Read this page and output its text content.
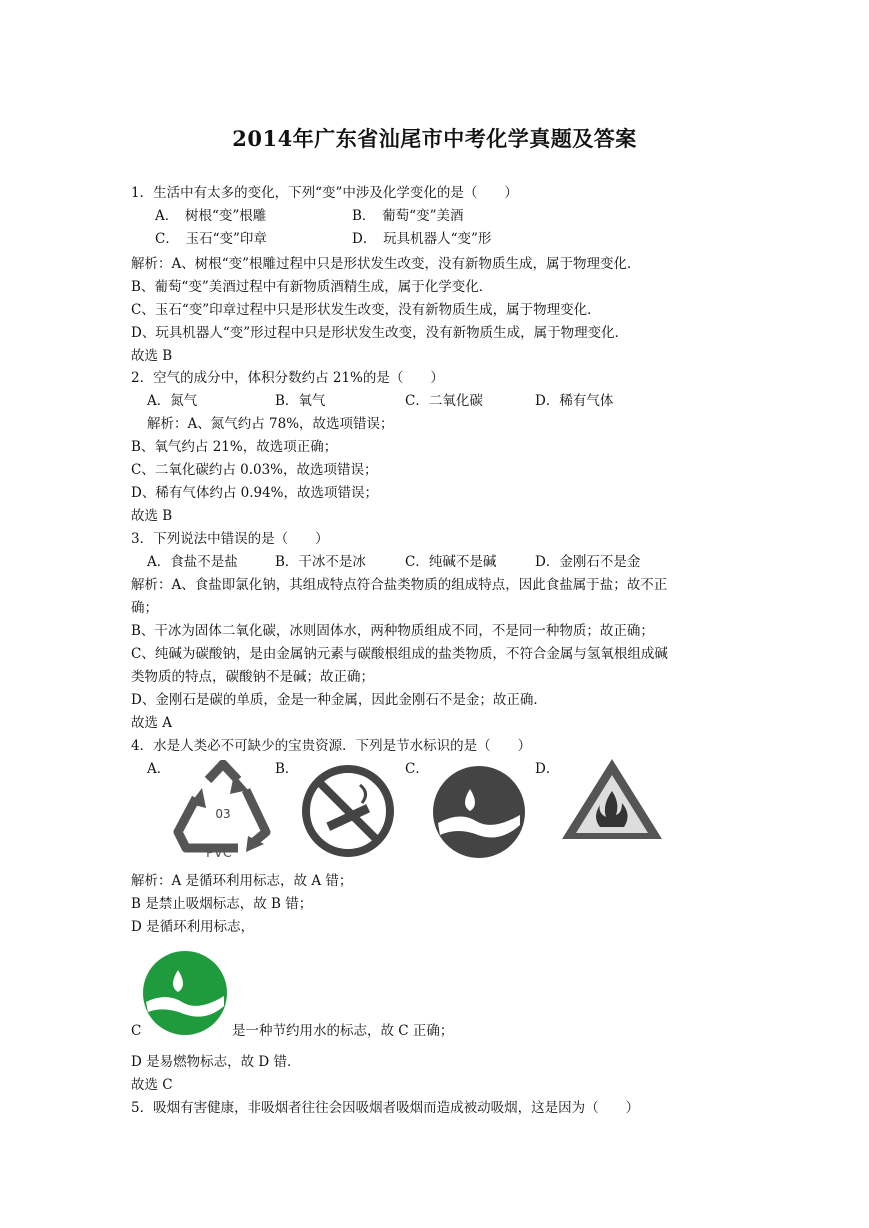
2014年广东省汕尾市中考化学真题及答案
1．生活中有太多的变化，下列“变”中涉及化学变化的是（　　）
A．　树根“变”根雕	B．　葡萄“变”美酒
C．　玉石“变”印章	D．　玩具机器人“变”形
解析：A、树根“变”根雕过程中只是形状发生改变，没有新物质生成，属于物理变化．
B、葡萄“变”美酒过程中有新物质酒精生成，属于化学变化．
C、玉石“变”印章过程中只是形状发生改变，没有新物质生成，属于物理变化．
D、玩具机器人“变”形过程中只是形状发生改变，没有新物质生成，属于物理变化．
故选 B
2．空气的成分中，体积分数约占 21%的是（　　）
A．氮气	B．氧气	C．二氧化碳	D．稀有气体
解析：A、氮气约占 78%，故选项错误；
B、氧气约占 21%，故选项正确；
C、二氧化碳约占 0.03%，故选项错误；
D、稀有气体约占 0.94%，故选项错误；
故选 B
3．下列说法中错误的是（　　）
A．食盐不是盐	B．干冰不是冰	C．纯碱不是碱	D．金刚石不是金
解析：A、食盐即氯化钠，其组成特点符合盐类物质的组成特点，因此食盐属于盐；故不正
确；
B、干冰为固体二氧化碳，冰则固体水，两种物质组成不同，不是同一种物质；故正确；
C、纯碱为碳酸钠，是由金属钠元素与碳酸根组成的盐类物质，不符合金属与氢氧根组成碱
类物质的特点，碳酸钠不是碱；故正确；
D、金刚石是碳的单质，金是一种金属，因此金刚石不是金；故正确．
故选 A
4．水是人类必不可缺少的宝贵资源．下列是节水标识的是（　　）
A．	B．	C．	D．
03
PVC
解析：A 是循环利用标志，故 A 错；
B 是禁止吸烟标志，故 B 错；
D 是循环利用标志，
C	是一种节约用水的标志，故 C 正确；
D 是易燃物标志，故 D 错．
故选 C
5．吸烟有害健康，非吸烟者往往会因吸烟者吸烟而造成被动吸烟，这是因为（　　）
